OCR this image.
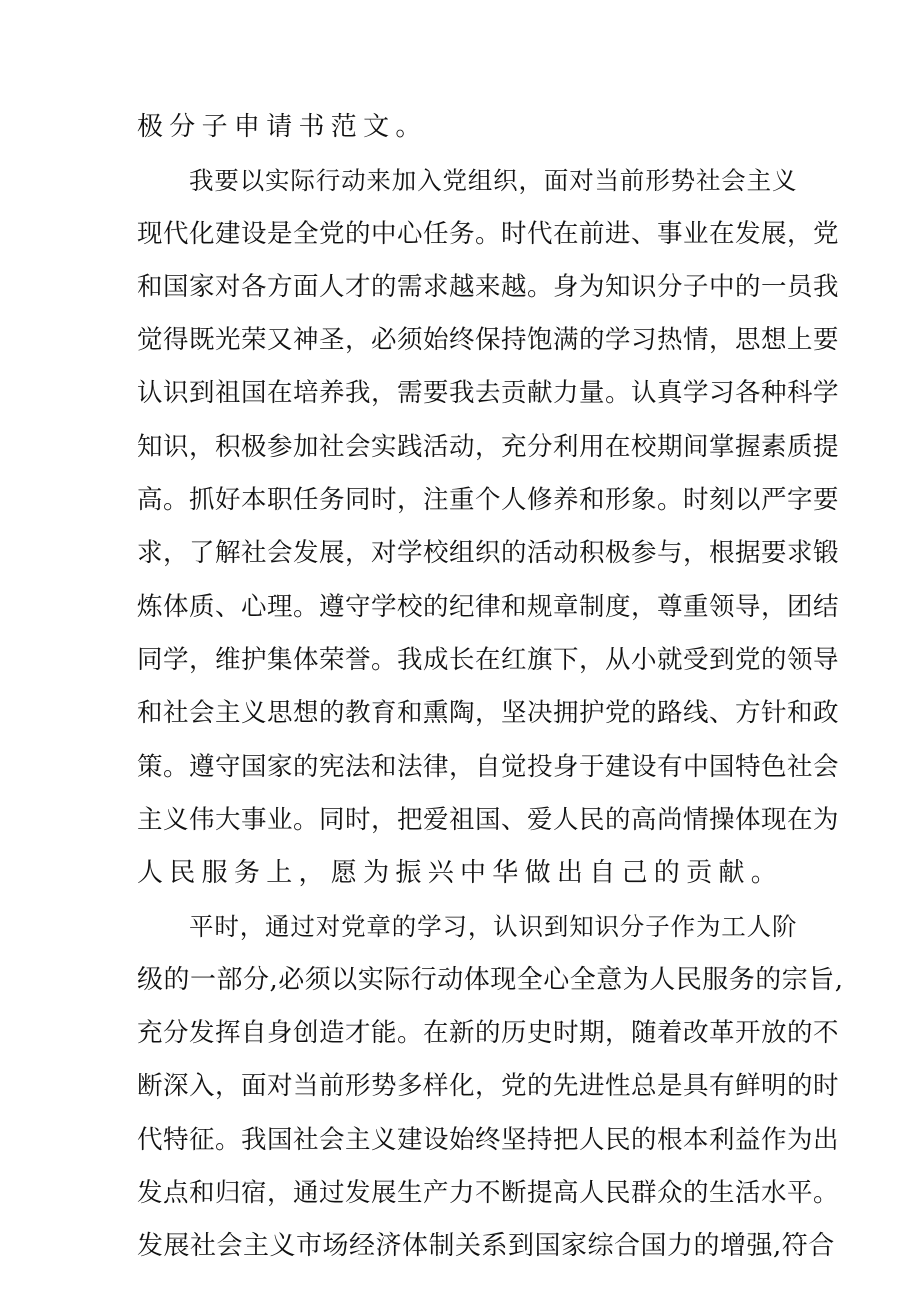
极分子申请书范文。
我要以实际行动来加入党组织，面对当前形势社会主义
现代化建设是全党的中心任务。时代在前进、事业在发展，党
和国家对各方面人才的需求越来越。身为知识分子中的一员我
觉得既光荣又神圣，必须始终保持饱满的学习热情，思想上要
认识到祖国在培养我，需要我去贡献力量。认真学习各种科学
知识，积极参加社会实践活动，充分利用在校期间掌握素质提
高。抓好本职任务同时，注重个人修养和形象。时刻以严字要
求，了解社会发展，对学校组织的活动积极参与，根据要求锻
炼体质、心理。遵守学校的纪律和规章制度，尊重领导，团结
同学，维护集体荣誉。我成长在红旗下，从小就受到党的领导
和社会主义思想的教育和熏陶，坚决拥护党的路线、方针和政
策。遵守国家的宪法和法律，自觉投身于建设有中国特色社会
主义伟大事业。同时，把爱祖国、爱人民的高尚情操体现在为
人民服务上，愿为振兴中华做出自己的贡献。
平时，通过对党章的学习，认识到知识分子作为工人阶
级的一部分,必须以实际行动体现全心全意为人民服务的宗旨,
充分发挥自身创造才能。在新的历史时期，随着改革开放的不
断深入，面对当前形势多样化，党的先进性总是具有鲜明的时
代特征。我国社会主义建设始终坚持把人民的根本利益作为出
发点和归宿，通过发展生产力不断提高人民群众的生活水平。
发展社会主义市场经济体制关系到国家综合国力的增强,符合
